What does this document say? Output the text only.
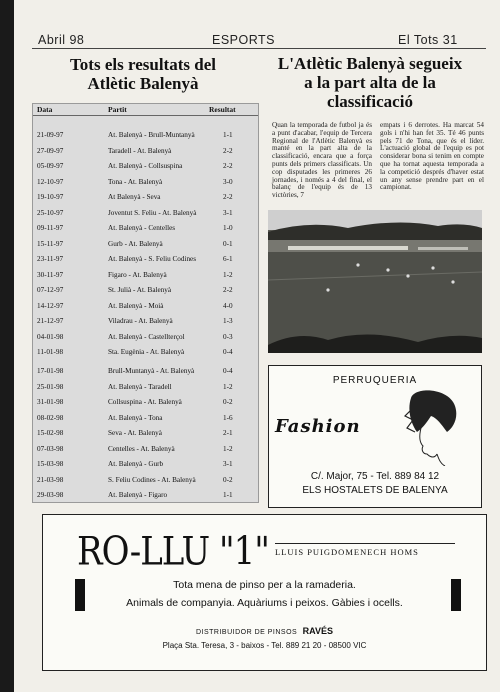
Abril 98	ESPORTS	El Tots 31
Tots els resultats del
Atlètic Balenyà
L'Atlètic Balenyà segueix
a la part alta de la
classificació
Data	Partit	Resultat
21-09-97	At. Balenyà - Brull-Muntanyà	1-1
27-09-97	Taradell - At. Balenyà	2-2
05-09-97	At. Balenyà - Collsuspina	2-2
12-10-97	Tona - At. Balenyà	3-0
19-10-97	At Balenyà - Seva	2-2
25-10-97	Joventut S. Feliu - At. Balenyà	3-1
09-11-97	At. Balenyà - Centelles	1-0
15-11-97	Gurb - At. Balenyà	0-1
23-11-97	At. Balenyà - S. Feliu Codines	6-1
30-11-97	Figaro - At. Balenyà	1-2
07-12-97	St. Julià - At. Balenyà	2-2
14-12-97	At. Balenyà - Moià	4-0
21-12-97	Viladrau - At. Balenyà	1-3
04-01-98	At. Balenyà - Castellterçol	0-3
11-01-98	Sta. Eugènia - At. Balenyà	0-4
17-01-98	Brull-Muntanyà - At. Balenyà	0-4
25-01-98	At. Balenyà - Taradell	1-2
31-01-98	Collsuspina - At. Balenyà	0-2
08-02-98	At. Balenyà - Tona	1-6
15-02-98	Seva - At. Balenyà	2-1
07-03-98	Centelles - At. Balenyà	1-2
15-03-98	At. Balenyà - Gurb	3-1
21-03-98	S. Feliu Codines - At. Balenyà	0-2
29-03-98	At. Balenyà - Figaro	1-1
Quan la temporada de futbol ja és a punt d'acabar, l'equip de Tercera Regional de l'Atlètic Balenyà es manté en la part alta de la classificació, encara que a força punts dels primers classificats. Un cop disputades les primeres 26 jornades, i només a 4 del final, el balanç de l'equip és de 13 victòries, 7
empats i 6 derrotes. Ha marcat 54 gols i n'hi han fet 35. Té 46 punts pels 71 de Tona, que és el líder. L'actuació global de l'equip es pot considerar bona si tenim en compte que ha tornat aquesta temporada a la competició després d'haver estat un any sense prendre part en el campionat.
PERRUQUERIA
Fashion
C/. Major, 75 - Tel. 889 84 12
ELS HOSTALETS DE BALENYA
RO-LLU "1" LLUIS PUIGDOMENECH HOMS
Tota mena de pinso per a la ramaderia.
Animals de companyia. Aquàriums i peixos. Gàbies i ocells.
DISTRIBUIDOR DE PINSOS RAVÉS
Plaça Sta. Teresa, 3 - baixos - Tel. 889 21 20 - 08500 VIC
